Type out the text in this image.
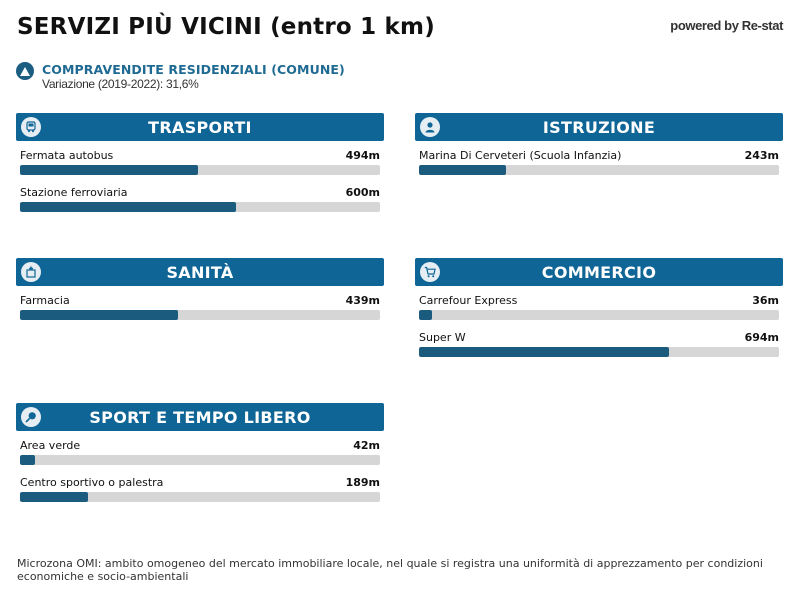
SERVIZI PIÙ VICINI (entro 1 km)	powered by Re-stat
COMPRAVENDITE RESIDENZIALI (COMUNE)
Variazione (2019-2022): 31,6%
TRASPORTI
Fermata autobus	494m
Stazione ferroviaria	600m
ISTRUZIONE
Marina Di Cerveteri (Scuola Infanzia)	243m
SANITÀ
Farmacia	439m
COMMERCIO
Carrefour Express	36m
Super W	694m
SPORT E TEMPO LIBERO
Area verde	42m
Centro sportivo o palestra	189m
Microzona OMI: ambito omogeneo del mercato immobiliare locale, nel quale si registra una uniformità di apprezzamento per condizioni economiche e socio-ambientali
